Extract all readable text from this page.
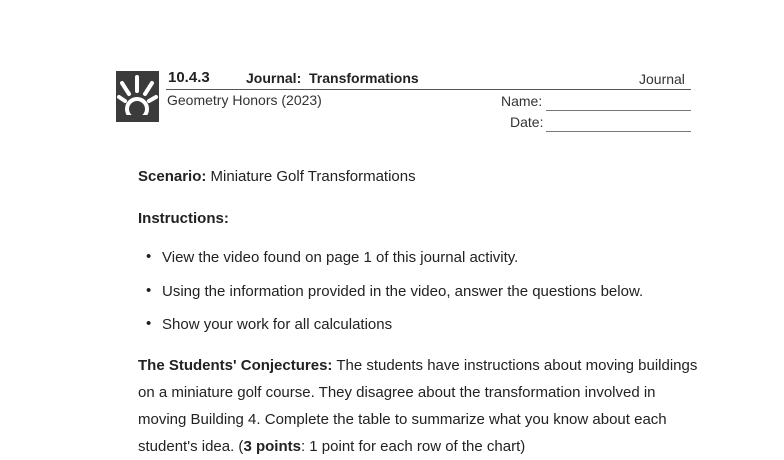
10.4.3	Journal:  Transformations	Journal
Geometry Honors (2023)	Name:
Date:
Scenario: Miniature Golf Transformations
Instructions:
• View the video found on page 1 of this journal activity.
• Using the information provided in the video, answer the questions below.
• Show your work for all calculations
The Students' Conjectures: The students have instructions about moving buildings on a miniature golf course. They disagree about the transformation involved in moving Building 4. Complete the table to summarize what you know about each student's idea. (3 points: 1 point for each row of the chart)
